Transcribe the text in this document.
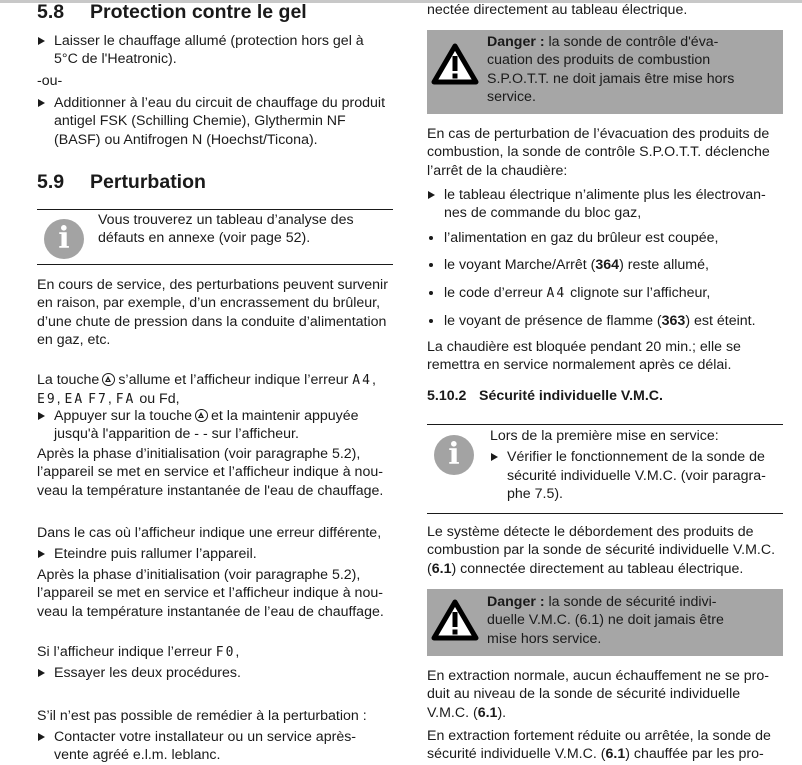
5.8	Protection contre le gel
Laisser le chauffage allumé (protection hors gel à
5°C de l'Heatronic).
-ou-
Additionner à l’eau du circuit de chauffage du produit
antigel FSK (Schilling Chemie), Glythermin NF
(BASF) ou Antifrogen N (Hoechst/Ticona).
5.9	Perturbation
i
Vous trouverez un tableau d’analyse des
défauts en annexe (voir page 52).
En cours de service, des perturbations peuvent survenir
en raison, par exemple, d’un encrassement du brûleur,
d’une chute de pression dans la conduite d’alimentation
en gaz, etc.
La touche s’allume et l’afficheur indique l’erreur A4,
E9, EA F7, FA ou Fd,
Appuyer sur la touche et la maintenir appuyée
jusqu'à l'apparition de - - sur l’afficheur.
Après la phase d’initialisation (voir paragraphe 5.2),
l’appareil se met en service et l’afficheur indique à nou-
veau la température instantanée de l'eau de chauffage.
Dans le cas où l’afficheur indique une erreur différente,
Eteindre puis rallumer l’appareil.
Après la phase d’initialisation (voir paragraphe 5.2),
l’appareil se met en service et l’afficheur indique à nou-
veau la température instantanée de l’eau de chauffage.
Si l’afficheur indique l’erreur F0,
Essayer les deux procédures.
S’il n’est pas possible de remédier à la perturbation :
Contacter votre installateur ou un service après-
vente agréé e.l.m. leblanc.
nectée directement au tableau électrique.
Danger : la sonde de contrôle d'éva-
cuation des produits de combustion
S.P.O.T.T. ne doit jamais être mise hors
service.
En cas de perturbation de l’évacuation des produits de
combustion, la sonde de contrôle S.P.O.T.T. déclenche
l’arrêt de la chaudière:
le tableau électrique n’alimente plus les électrovan-
nes de commande du bloc gaz,
l’alimentation en gaz du brûleur est coupée,
le voyant Marche/Arrêt (364) reste allumé,
le code d’erreur A4 clignote sur l’afficheur,
le voyant de présence de flamme (363) est éteint.
La chaudière est bloquée pendant 20 min.; elle se
remettra en service normalement après ce délai.
5.10.2 Sécurité individuelle V.M.C.
i
Lors de la première mise en service:
Vérifier le fonctionnement de la sonde de
sécurité individuelle V.M.C. (voir paragra-
phe 7.5).
Le système détecte le débordement des produits de
combustion par la sonde de sécurité individuelle V.M.C.
(6.1) connectée directement au tableau électrique.
Danger : la sonde de sécurité indivi-
duelle V.M.C. (6.1) ne doit jamais être
mise hors service.
En extraction normale, aucun échauffement ne se pro-
duit au niveau de la sonde de sécurité individuelle
V.M.C. (6.1).
En extraction fortement réduite ou arrêtée, la sonde de
sécurité individuelle V.M.C. (6.1) chauffée par les pro-
